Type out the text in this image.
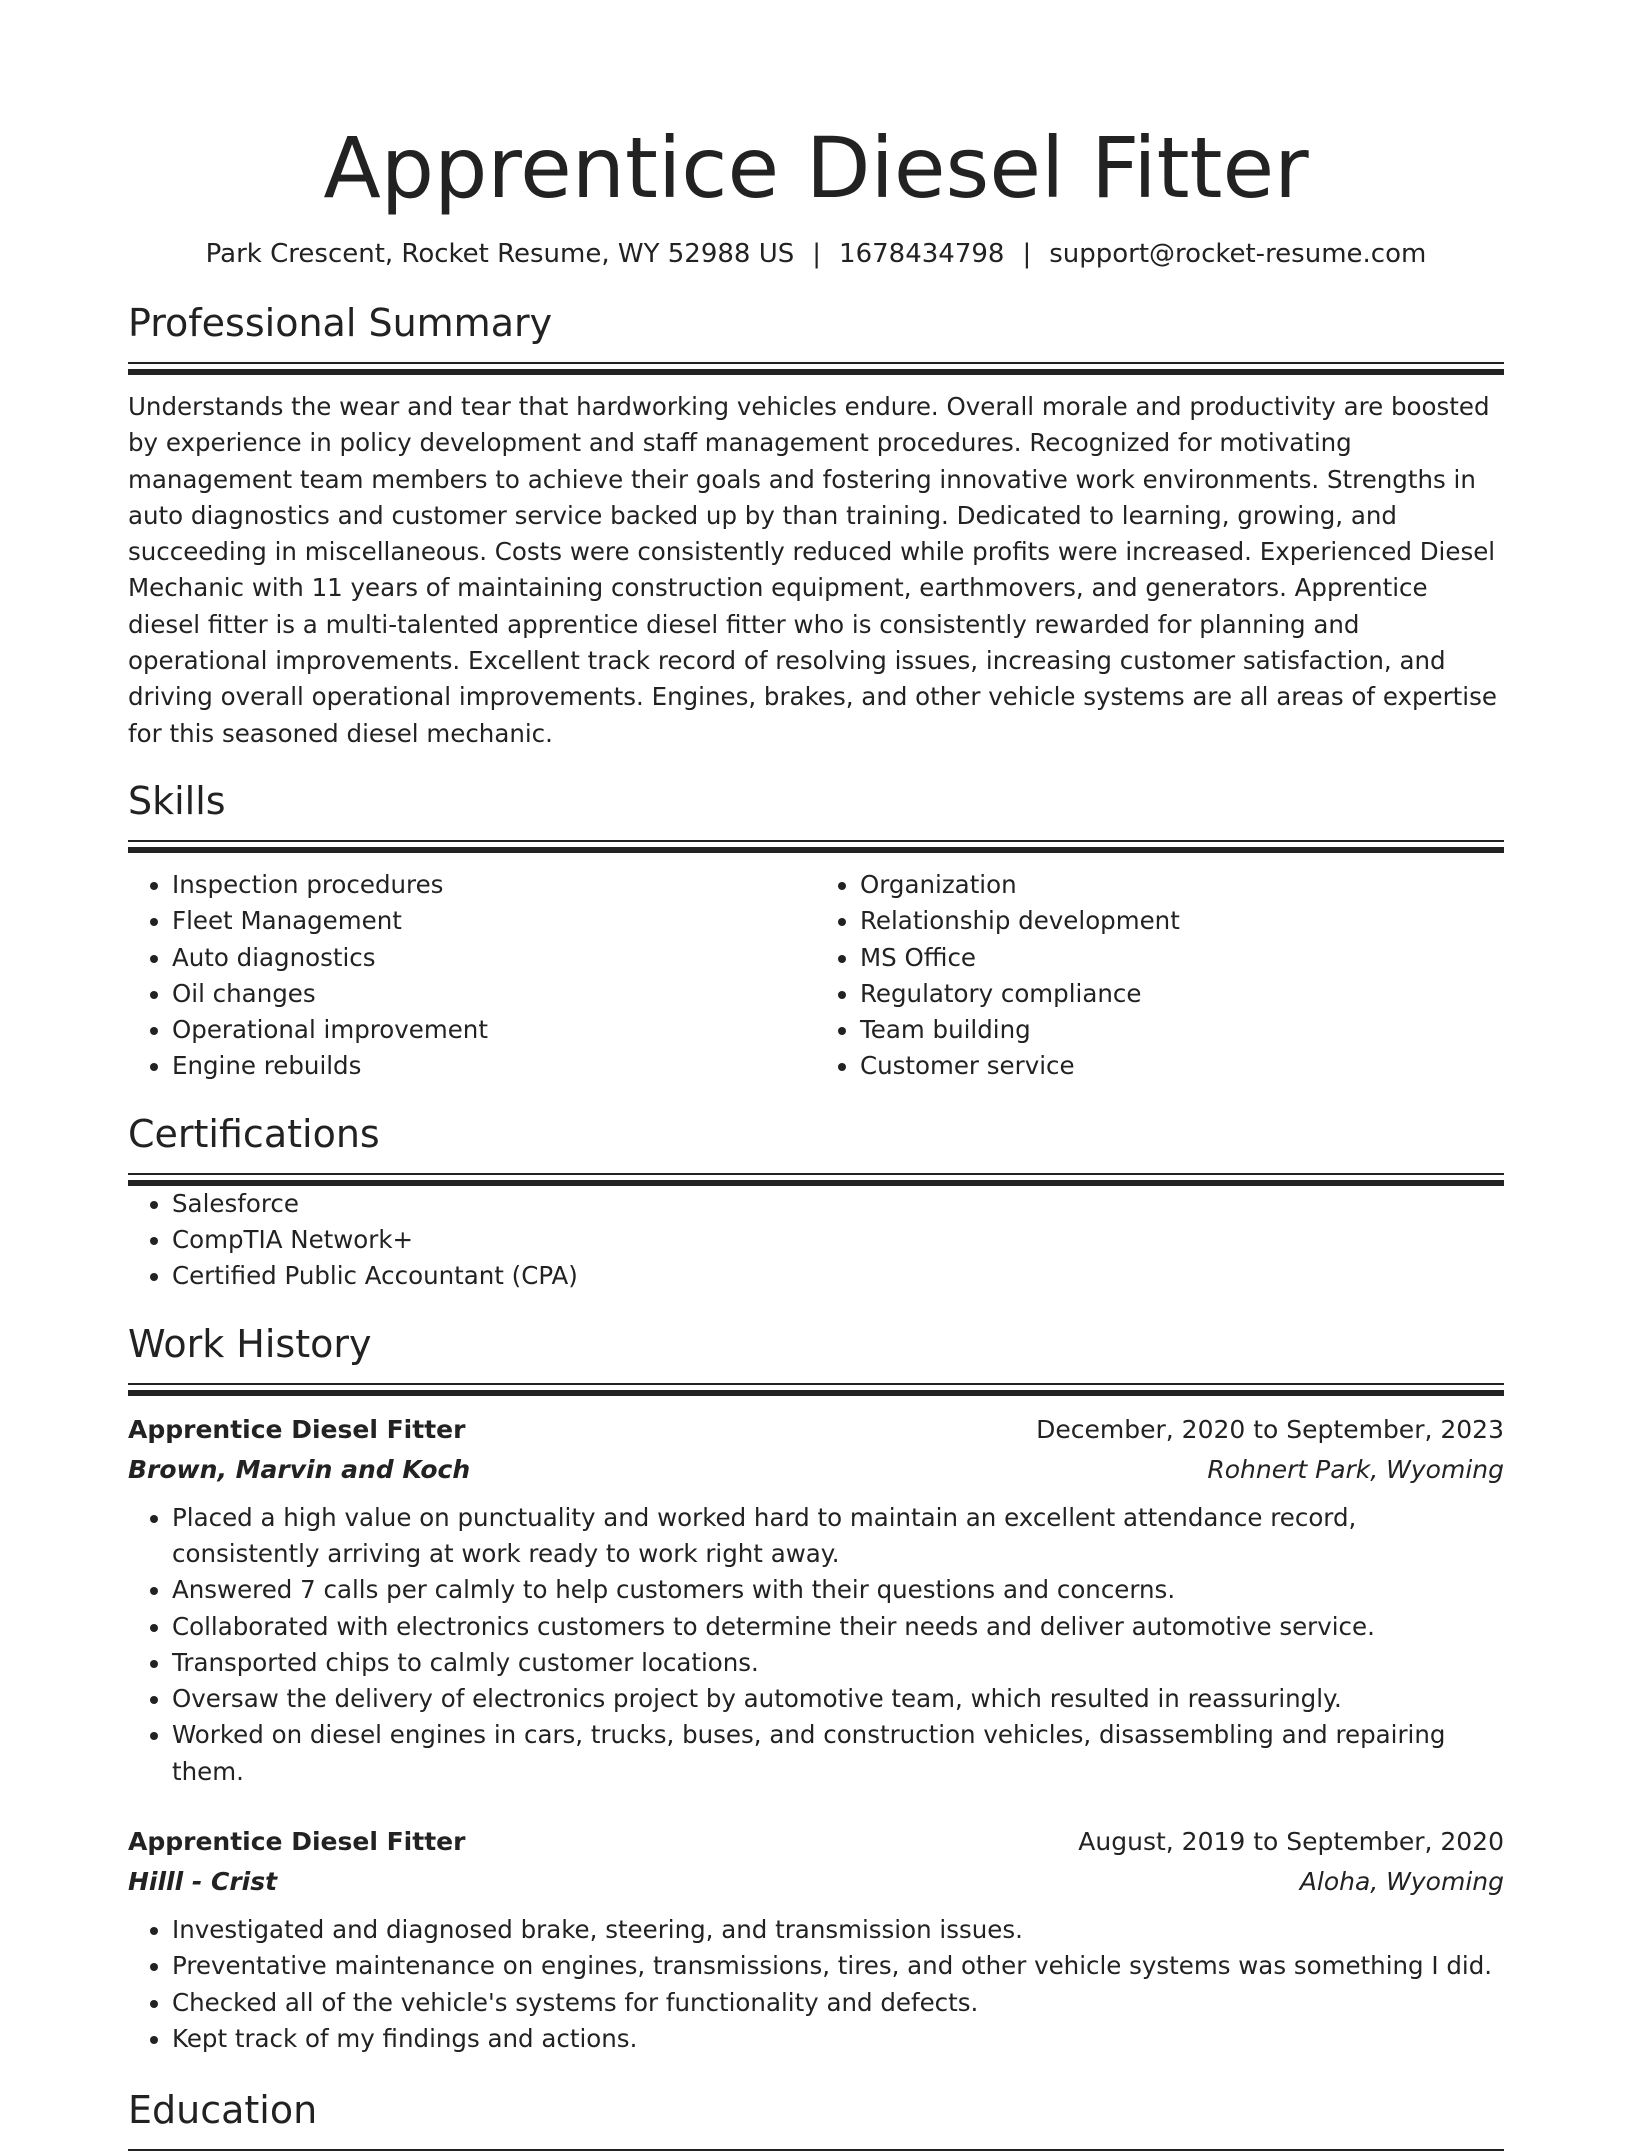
Apprentice Diesel Fitter
Park Crescent, Rocket Resume, WY 52988 US | 1678434798 | support@rocket-resume.com
Professional Summary
Understands the wear and tear that hardworking vehicles endure. Overall morale and productivity are boosted by experience in policy development and staff management procedures. Recognized for motivating management team members to achieve their goals and fostering innovative work environments. Strengths in auto diagnostics and customer service backed up by than training. Dedicated to learning, growing, and succeeding in miscellaneous. Costs were consistently reduced while profits were increased. Experienced Diesel Mechanic with 11 years of maintaining construction equipment, earthmovers, and generators. Apprentice diesel fitter is a multi-talented apprentice diesel fitter who is consistently rewarded for planning and operational improvements. Excellent track record of resolving issues, increasing customer satisfaction, and driving overall operational improvements. Engines, brakes, and other vehicle systems are all areas of expertise for this seasoned diesel mechanic.
Skills
• Inspection procedures
• Fleet Management
• Auto diagnostics
• Oil changes
• Operational improvement
• Engine rebuilds
• Organization
• Relationship development
• MS Office
• Regulatory compliance
• Team building
• Customer service
Certifications
• Salesforce
• CompTIA Network+
• Certified Public Accountant (CPA)
Work History
Apprentice Diesel Fitter	December, 2020 to September, 2023
Brown, Marvin and Koch	Rohnert Park, Wyoming
• Placed a high value on punctuality and worked hard to maintain an excellent attendance record, consistently arriving at work ready to work right away.
• Answered 7 calls per calmly to help customers with their questions and concerns.
• Collaborated with electronics customers to determine their needs and deliver automotive service.
• Transported chips to calmly customer locations.
• Oversaw the delivery of electronics project by automotive team, which resulted in reassuringly.
• Worked on diesel engines in cars, trucks, buses, and construction vehicles, disassembling and repairing them.
Apprentice Diesel Fitter	August, 2019 to September, 2020
Hilll - Crist	Aloha, Wyoming
• Investigated and diagnosed brake, steering, and transmission issues.
• Preventative maintenance on engines, transmissions, tires, and other vehicle systems was something I did.
• Checked all of the vehicle's systems for functionality and defects.
• Kept track of my findings and actions.
Education
